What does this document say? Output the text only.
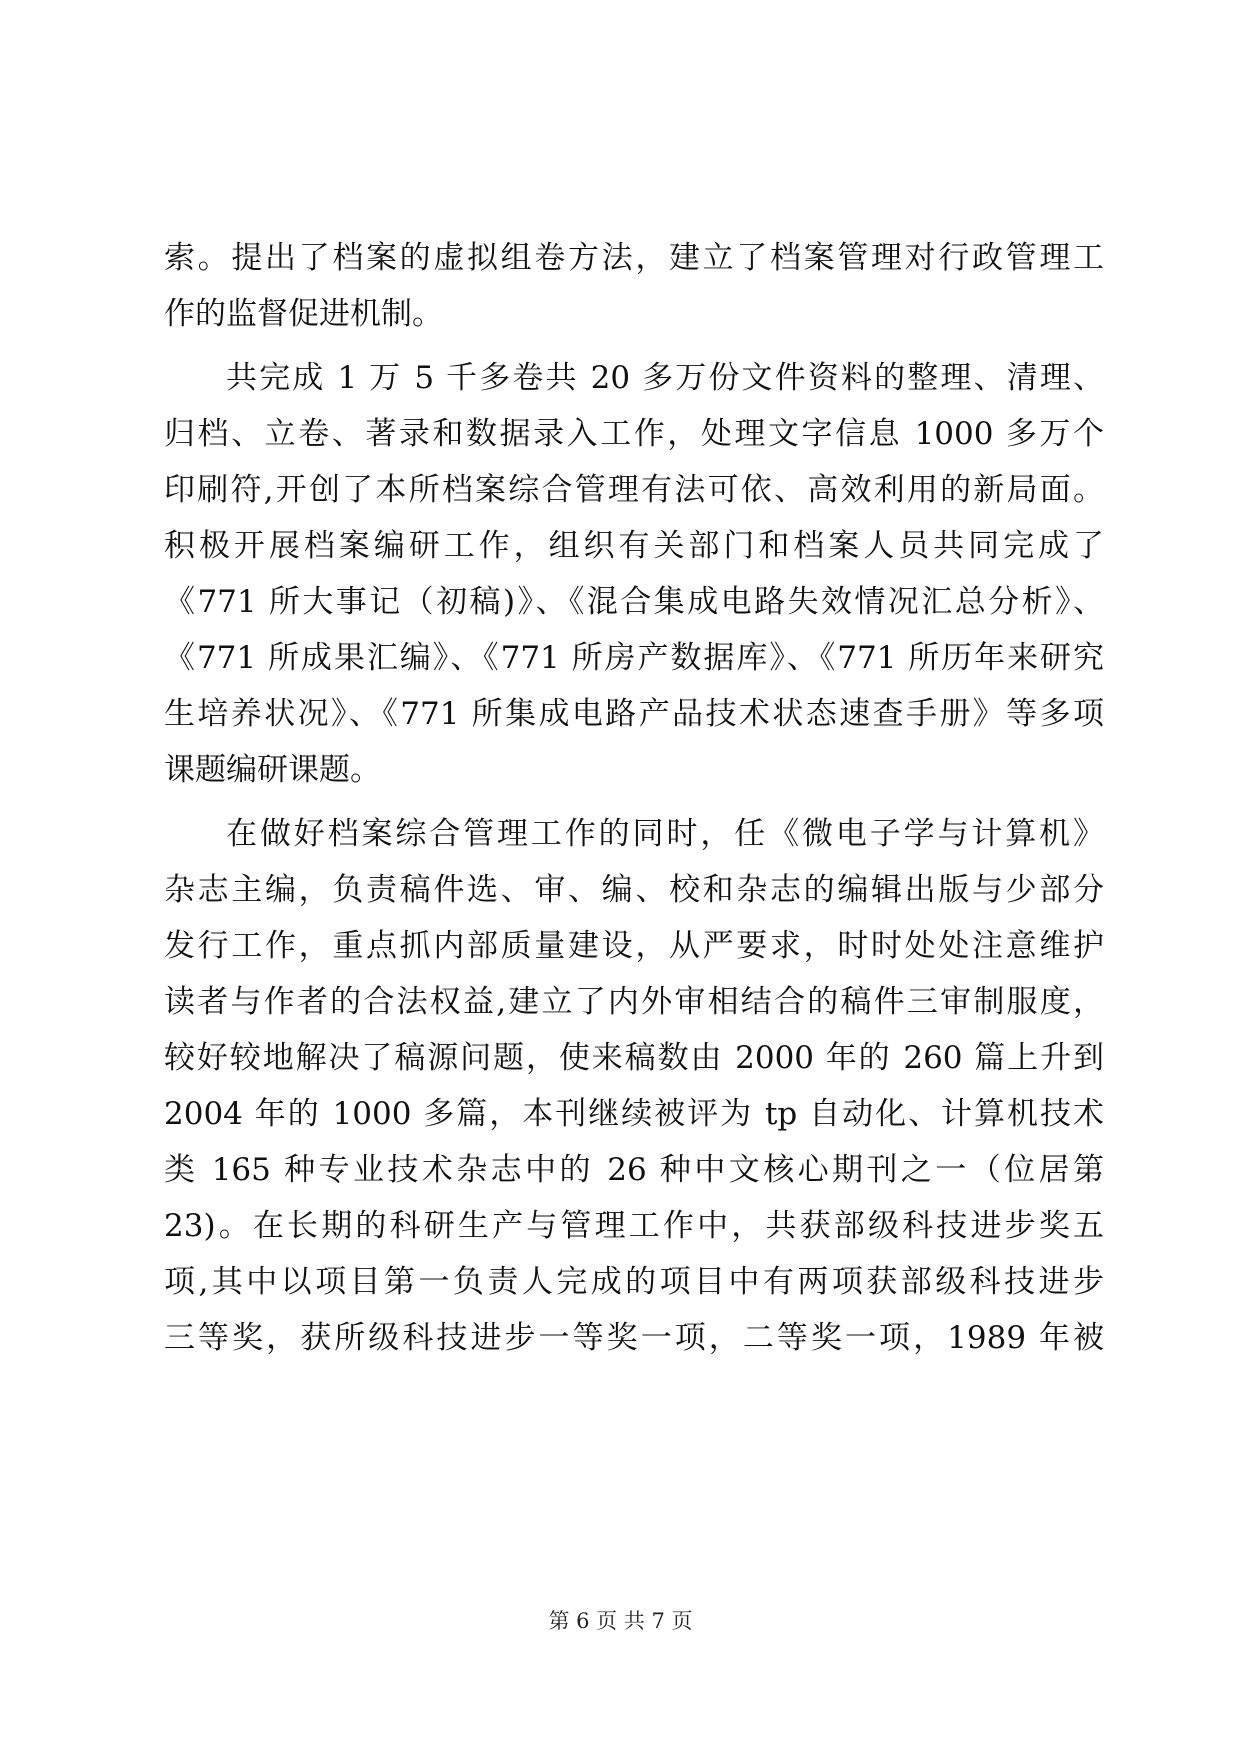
索。提出了档案的虚拟组卷方法，建立了档案管理对行政管理工
作的监督促进机制。
共完成 1 万 5 千多卷共 20 多万份文件资料的整理、清理、
归档、立卷、著录和数据录入工作，处理文字信息 1000 多万个
印刷符,开创了本所档案综合管理有法可依、高效利用的新局面。
积极开展档案编研工作，组织有关部门和档案人员共同完成了
《771 所大事记（初稿)》、《混合集成电路失效情况汇总分析》、
《771 所成果汇编》、《771 所房产数据库》、《771 所历年来研究
生培养状况》、《771 所集成电路产品技术状态速查手册》等多项
课题编研课题。
在做好档案综合管理工作的同时，任《微电子学与计算机》
杂志主编，负责稿件选、审、编、校和杂志的编辑出版与少部分
发行工作，重点抓内部质量建设，从严要求，时时处处注意维护
读者与作者的合法权益,建立了内外审相结合的稿件三审制服度，
较好较地解决了稿源问题，使来稿数由 2000 年的 260 篇上升到
2004 年的 1000 多篇，本刊继续被评为 tp 自动化、计算机技术
类 165 种专业技术杂志中的 26 种中文核心期刊之一（位居第
23)。在长期的科研生产与管理工作中，共获部级科技进步奖五
项,其中以项目第一负责人完成的项目中有两项获部级科技进步
三等奖，获所级科技进步一等奖一项，二等奖一项，1989 年被
第 6 页 共 7 页
